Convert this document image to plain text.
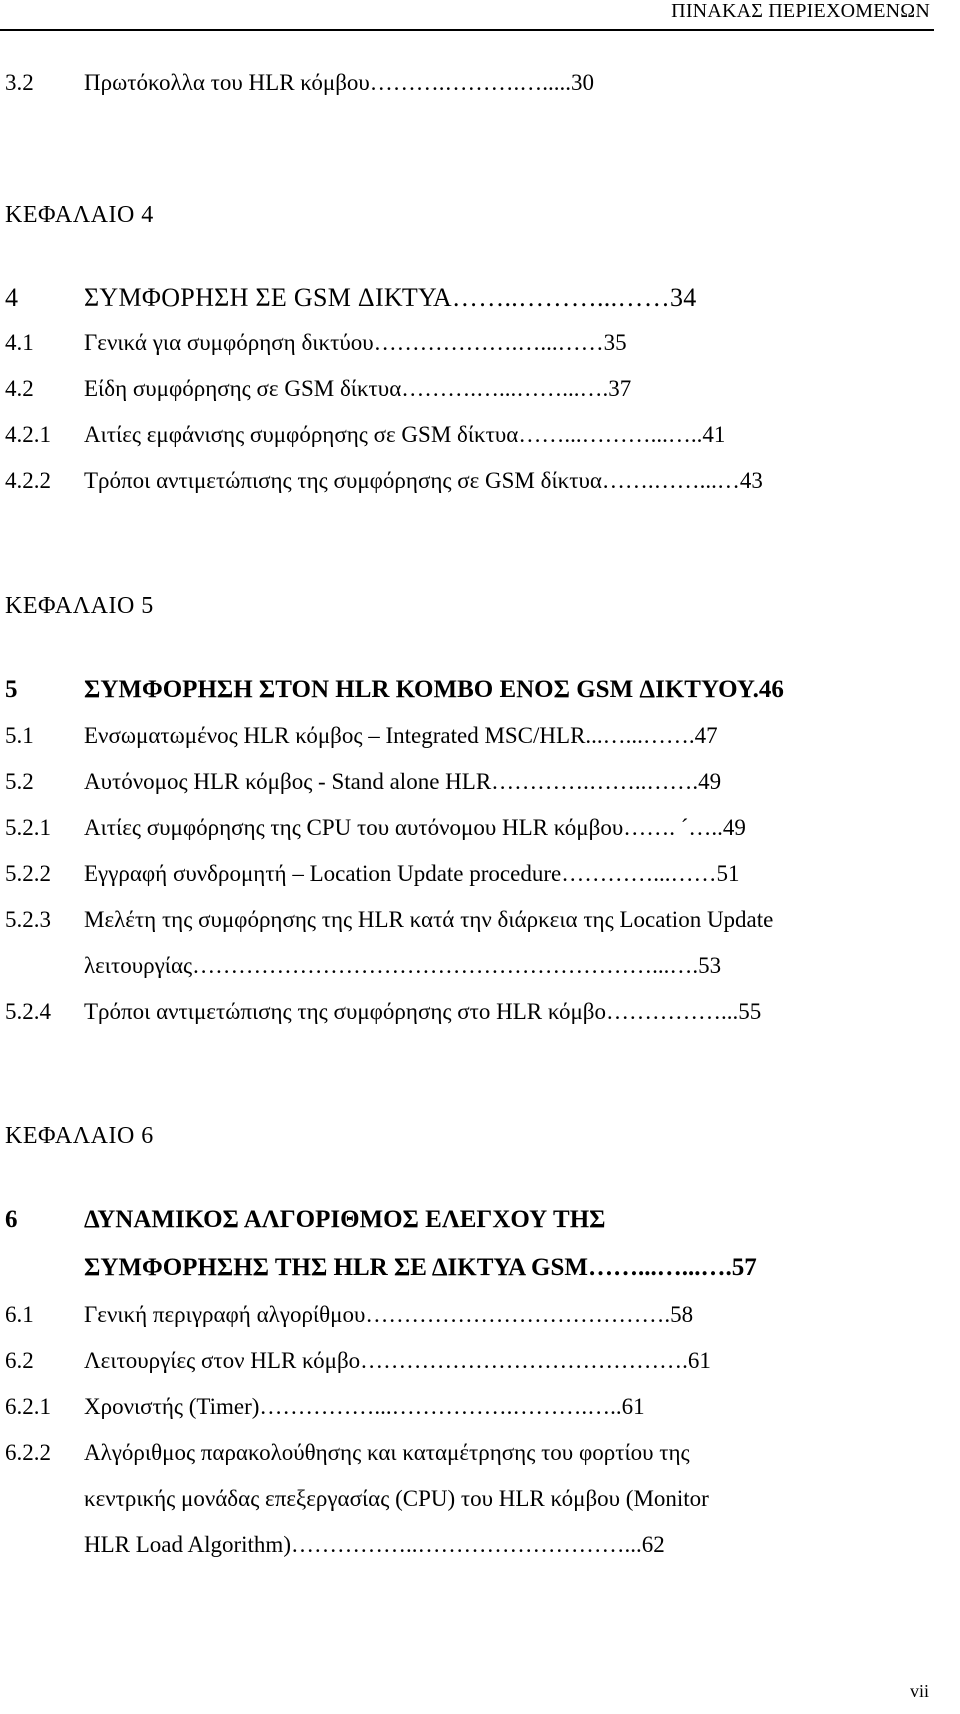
ΠΙΝΑΚΑΣ ΠΕΡΙΕΧΟΜΕΝΩΝ
3.2 Πρωτόκολλα του HLR κόμβου……….……….….....30
ΚΕΦΑΛΑΙΟ 4
4	ΣΥΜΦΟΡΗΣΗ ΣΕ GSM ΔΙΚΤΥΑ……..………...……34
4.1 Γενικά για συμφόρηση δικτύου……………….…...……35
4.2 Είδη συμφόρησης σε GSM δίκτυα……….…...……...….37
4.2.1 Αιτίες εμφάνισης συμφόρησης σε GSM δίκτυα……...………...…..41
4.2.2 Τρόποι αντιμετώπισης της συμφόρησης σε GSM δίκτυα…….……...…43
ΚΕΦΑΛΑΙΟ 5
5	ΣΥΜΦΟΡΗΣΗ ΣΤΟΝ HLR ΚΟΜΒΟ ΕΝΟΣ GSM ΔΙΚΤΥΟΥ.46
5.1 Ενσωματωμένος HLR κόμβος – Integrated MSC/HLR...…...…….47
5.2 Αυτόνομος HLR κόμβος - Stand alone HLR………….……..…….49
5.2.1 Αιτίες συμφόρησης της CPU του αυτόνομου HLR κόμβου……. ´…..49
5.2.2 Εγγραφή συνδρομητή – Location Update procedure…………...……51
5.2.3 Μελέτη της συμφόρησης της HLR κατά την διάρκεια της Location Update
λειτουργίας……………………………………………………...….53
5.2.4 Τρόποι αντιμετώπισης της συμφόρησης στο HLR κόμβο……………...55
ΚΕΦΑΛΑΙΟ 6
6	ΔΥΝΑΜΙΚΟΣ ΑΛΓΟΡΙΘΜΟΣ ΕΛΕΓΧΟΥ ΤΗΣ
ΣΥΜΦΟΡΗΣΗΣ ΤΗΣ HLR ΣΕ ΔΙΚΤΥΑ GSM……...…...….57
6.1 Γενική περιγραφή αλγορίθμου………………………………….58
6.2 Λειτουργίες στον HLR κόμβο…………………………………….61
6.2.1 Χρονιστής (Timer)……………...…………….……….…..61
6.2.2 Αλγόριθμος παρακολούθησης και καταμέτρησης του φορτίου της
κεντρικής μονάδας επεξεργασίας (CPU) του HLR κόμβου (Monitor
HLR Load Algorithm)……………..………………………...62
vii
